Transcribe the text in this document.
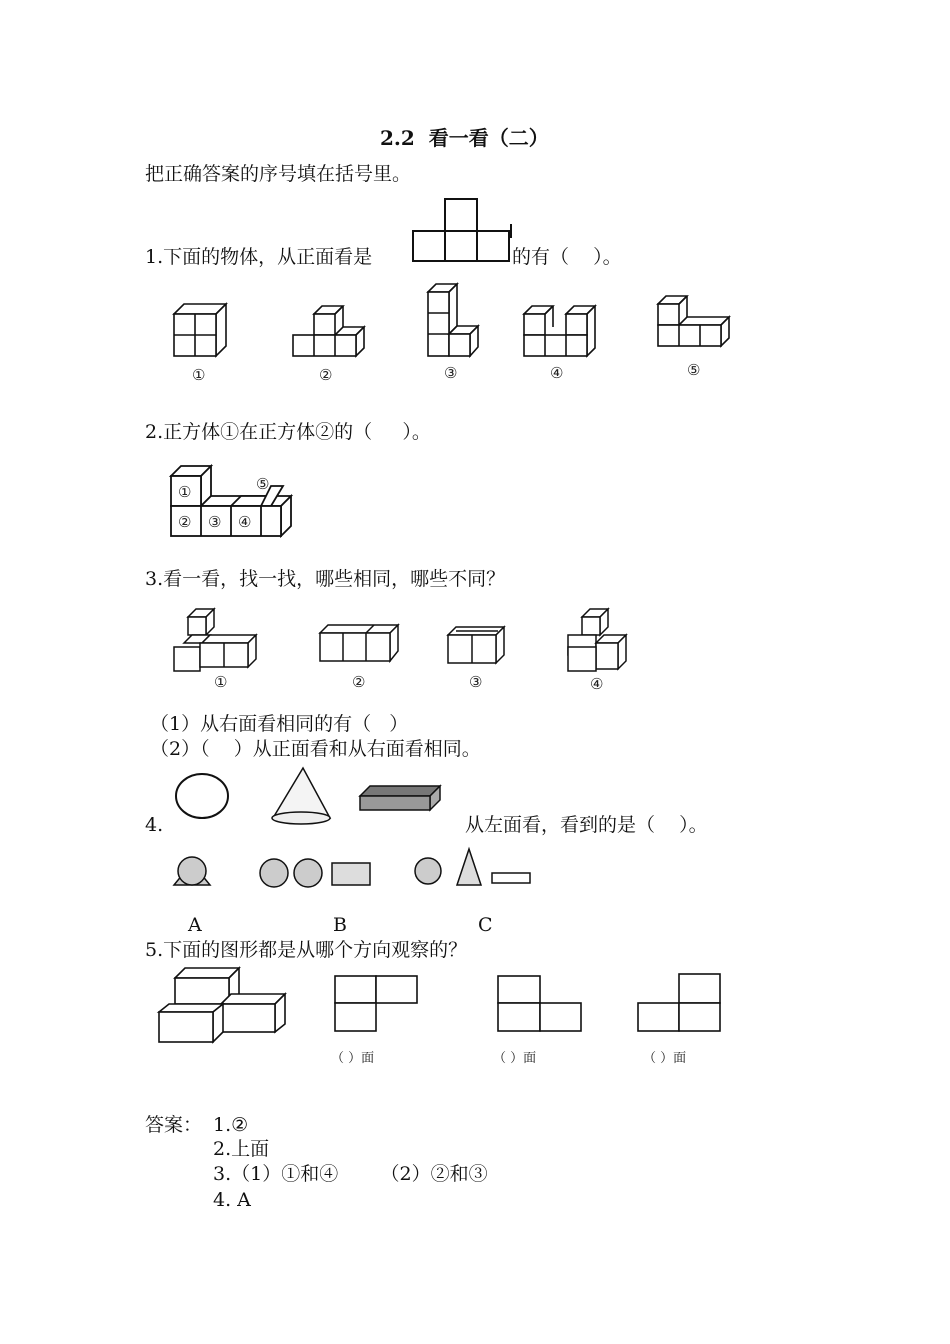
2.2  看一看（二）
把正确答案的序号填在括号里。
1.下面的物体，从正面看是	的有（    ）。
①	②	③	④	⑤
2.正方体①在正方体②的（     ）。
①
② ③ ④
⑤
3.看一看，找一找，哪些相同，哪些不同？
①	②	③	④
（1）从右面看相同的有（   ）
（2）（    ）从正面看和从右面看相同。
4.	从左面看，看到的是（    ）。
A	B	C
5.下面的图形都是从哪个方向观察的？
（ ）面	（ ）面	（ ）面
答案： 1.②
2.上面
3.（1）①和④       （2）②和③
4. A
